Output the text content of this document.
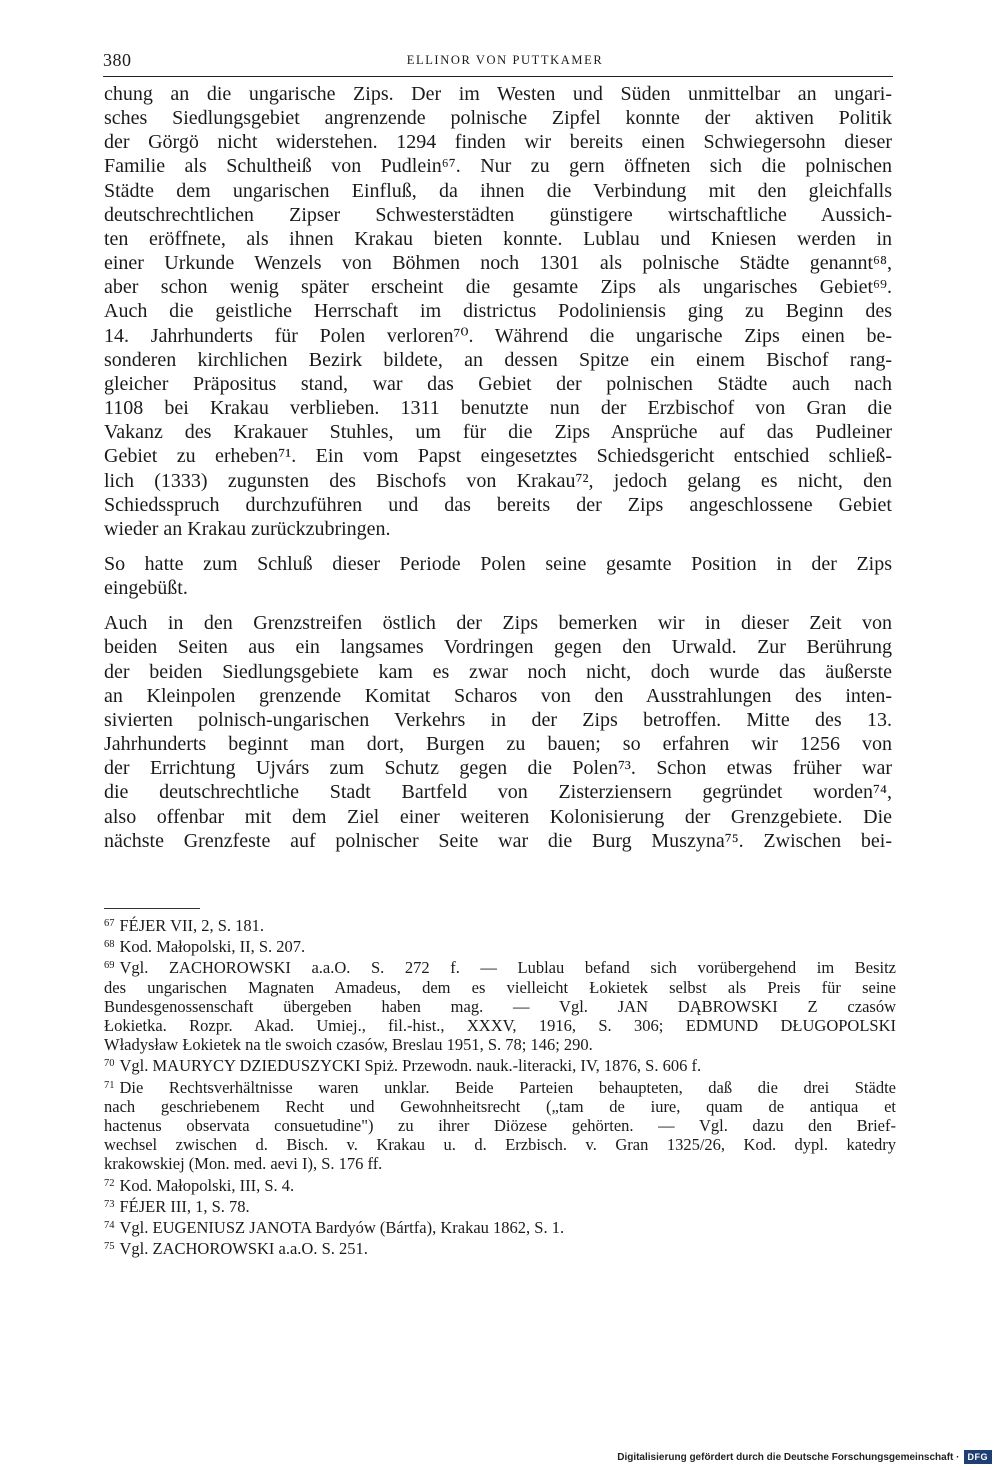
380	ELLINOR VON PUTTKAMER

chung an die ungarische Zips. Der im Westen und Süden unmittelbar an ungari-
sches Siedlungsgebiet angrenzende polnische Zipfel konnte der aktiven Politik
der Görgö nicht widerstehen. 1294 finden wir bereits einen Schwiegersohn dieser
Familie als Schultheiß von Pudlein⁶⁷. Nur zu gern öffneten sich die polnischen
Städte dem ungarischen Einfluß, da ihnen die Verbindung mit den gleichfalls
deutschrechtlichen Zipser Schwesterstädten günstigere wirtschaftliche Aussich-
ten eröffnete, als ihnen Krakau bieten konnte. Lublau und Kniesen werden in
einer Urkunde Wenzels von Böhmen noch 1301 als polnische Städte genannt⁶⁸,
aber schon wenig später erscheint die gesamte Zips als ungarisches Gebiet⁶⁹.
Auch die geistliche Herrschaft im districtus Podoliniensis ging zu Beginn des
14. Jahrhunderts für Polen verloren⁷⁰. Während die ungarische Zips einen be-
sonderen kirchlichen Bezirk bildete, an dessen Spitze ein einem Bischof rang-
gleicher Präpositus stand, war das Gebiet der polnischen Städte auch nach
1108 bei Krakau verblieben. 1311 benutzte nun der Erzbischof von Gran die
Vakanz des Krakauer Stuhles, um für die Zips Ansprüche auf das Pudleiner
Gebiet zu erheben⁷¹. Ein vom Papst eingesetztes Schiedsgericht entschied schließ-
lich (1333) zugunsten des Bischofs von Krakau⁷², jedoch gelang es nicht, den
Schiedsspruch durchzuführen und das bereits der Zips angeschlossene Gebiet
wieder an Krakau zurückzubringen.

So hatte zum Schluß dieser Periode Polen seine gesamte Position in der Zips
eingebüßt.

Auch in den Grenzstreifen östlich der Zips bemerken wir in dieser Zeit von
beiden Seiten aus ein langsames Vordringen gegen den Urwald. Zur Berührung
der beiden Siedlungsgebiete kam es zwar noch nicht, doch wurde das äußerste
an Kleinpolen grenzende Komitat Scharos von den Ausstrahlungen des inten-
sivierten polnisch-ungarischen Verkehrs in der Zips betroffen. Mitte des 13.
Jahrhunderts beginnt man dort, Burgen zu bauen; so erfahren wir 1256 von
der Errichtung Ujvárs zum Schutz gegen die Polen⁷³. Schon etwas früher war
die deutschrechtliche Stadt Bartfeld von Zisterziensern gegründet worden⁷⁴,
also offenbar mit dem Ziel einer weiteren Kolonisierung der Grenzgebiete. Die
nächste Grenzfeste auf polnischer Seite war die Burg Muszyna⁷⁵. Zwischen bei-

$^{67}$ FÉJER VII, 2, S. 181.

$^{68}$ Kod. Małopolski, II, S. 207.

$^{69}$ Vgl. ZACHOROWSKI a.a.O. S. 272 f. — Lublau befand sich vorübergehend im Besitz
des ungarischen Magnaten Amadeus, dem es vielleicht Łokietek selbst als Preis für seine
Bundesgenossenschaft übergeben haben mag. — Vgl. JAN DĄBROWSKI Z czasów
Łokietka. Rozpr. Akad. Umiej., fil.-hist., XXXV, 1916, S. 306; EDMUND DŁUGOPOLSKI
Władysław Łokietek na tle swoich czasów, Breslau 1951, S. 78; 146; 290.

$^{70}$ Vgl. MAURYCY DZIEDUSZYCKI Spiż. Przewodn. nauk.-literacki, IV, 1876, S. 606 f.

$^{71}$ Die Rechtsverhältnisse waren unklar. Beide Parteien behaupteten, daß die drei Städte
nach geschriebenem Recht und Gewohnheitsrecht („tam de iure, quam de antiqua et
hactenus observata consuetudine") zu ihrer Diözese gehörten. — Vgl. dazu den Brief-
wechsel zwischen d. Bisch. v. Krakau u. d. Erzbisch. v. Gran 1325/26, Kod. dypl. katedry
krakowskiej (Mon. med. aevi I), S. 176 ff.

$^{72}$ Kod. Małopolski, III, S. 4.

$^{73}$ FÉJER III, 1, S. 78.

$^{74}$ Vgl. EUGENIUSZ JANOTA Bardyów (Bártfa), Krakau 1862, S. 1.

$^{75}$ Vgl. ZACHOROWSKI a.a.O. S. 251.

Digitalisierung gefördert durch die Deutsche Forschungsgemeinschaft · DFG
